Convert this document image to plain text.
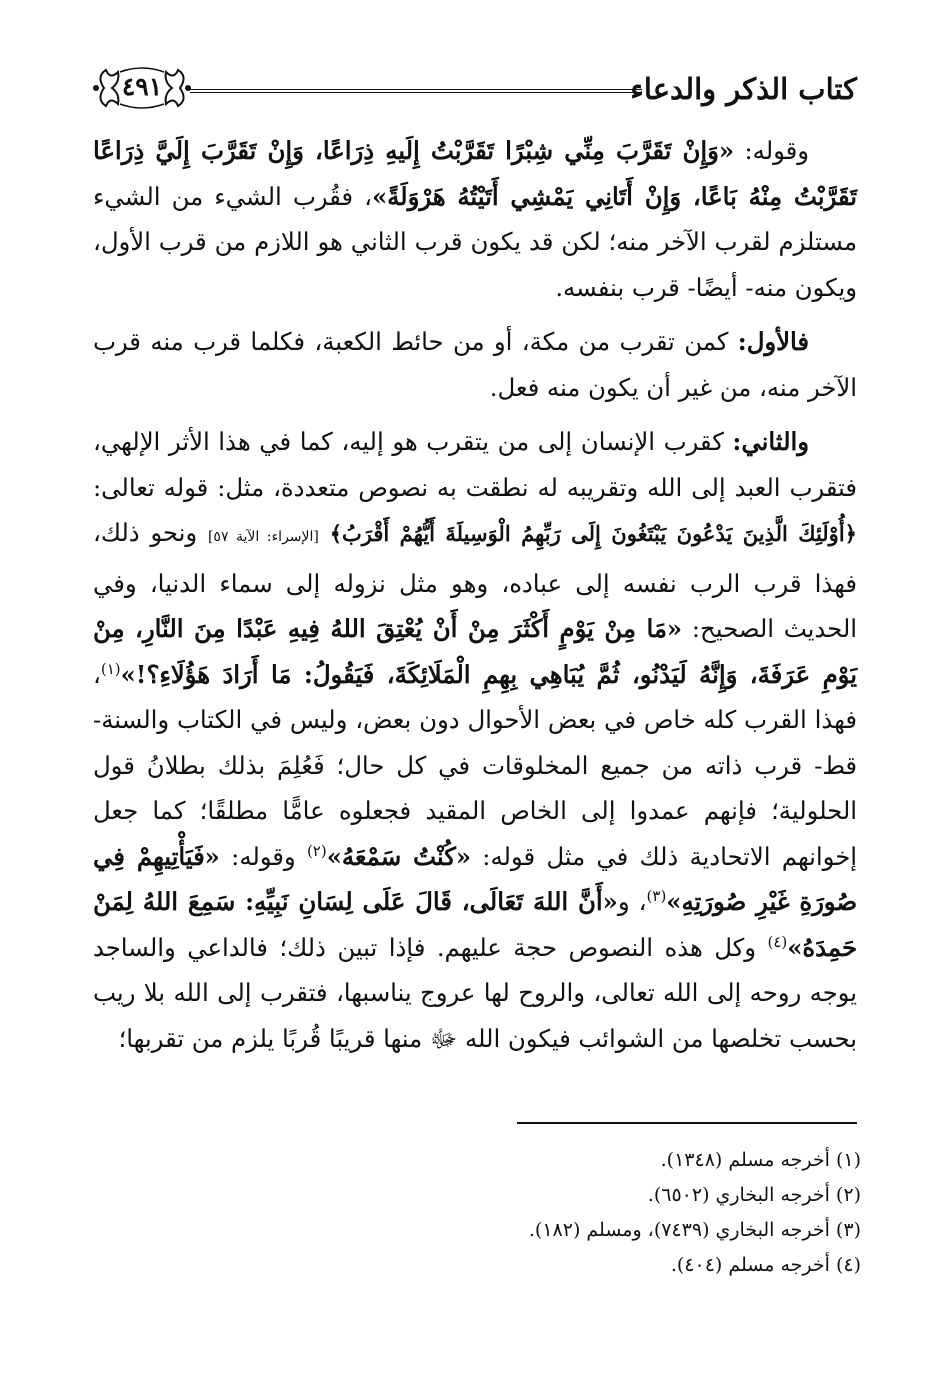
كتاب الذكر والدعاء
٤٩١

وقوله: «وَإِنْ تَقَرَّبَ مِنِّي شِبْرًا تَقَرَّبْتُ إِلَيهِ ذِرَاعًا، وَإِنْ تَقَرَّبَ إِلَيَّ ذِرَاعًا تَقَرَّبْتُ مِنْهُ بَاعًا، وَإِنْ أَتَانِي يَمْشِي أَتَيْتُهُ هَرْوَلَةً»، فقُرب الشيء من الشيء مستلزم لقرب الآخر منه؛ لكن قد يكون قرب الثاني هو اللازم من قرب الأول، ويكون منه- أيضًا- قرب بنفسه.

فالأول: كمن تقرب من مكة، أو من حائط الكعبة، فكلما قرب منه قرب الآخر منه، من غير أن يكون منه فعل.

والثاني: كقرب الإنسان إلى من يتقرب هو إليه، كما في هذا الأثر الإلهي، فتقرب العبد إلى الله وتقريبه له نطقت به نصوص متعددة، مثل: قوله تعالى: ﴿أُوْلَئِكَ الَّذِينَ يَدْعُونَ يَبْتَغُونَ إِلَى رَبِّهِمُ الْوَسِيلَةَ أَيُّهُمْ أَقْرَبُ﴾ [الإسراء: الآية ٥٧] ونحو ذلك، فهذا قرب الرب نفسه إلى عباده، وهو مثل نزوله إلى سماء الدنيا، وفي الحديث الصحيح: «مَا مِنْ يَوْمٍ أَكْثَرَ مِنْ أَنْ يُعْتِقَ اللهُ فِيهِ عَبْدًا مِنَ النَّارِ، مِنْ يَوْمِ عَرَفَةَ، وَإِنَّهُ لَيَدْنُو، ثُمَّ يُبَاهِي بِهِمِ الْمَلَائِكَةَ، فَيَقُولُ: مَا أَرَادَ هَؤُلَاءِ؟!»$^{(١)}$، فهذا القرب كله خاص في بعض الأحوال دون بعض، وليس في الكتاب والسنة- قط- قرب ذاته من جميع المخلوقات في كل حال؛ فَعُلِمَ بذلك بطلانُ قول الحلولية؛ فإنهم عمدوا إلى الخاص المقيد فجعلوه عامًّا مطلقًا؛ كما جعل إخوانهم الاتحادية ذلك في مثل قوله: «كُنْتُ سَمْعَهُ»$^{(٢)}$ وقوله: «فَيَأْتِيهِمْ فِي صُورَةِ غَيْرِ صُورَتِهِ»$^{(٣)}$، و«أَنَّ اللهَ تَعَالَى، قَالَ عَلَى لِسَانِ نَبِيِّهِ: سَمِعَ اللهُ لِمَنْ حَمِدَهُ»$^{(٤)}$ وكل هذه النصوص حجة عليهم. فإذا تبين ذلك؛ فالداعي والساجد يوجه روحه إلى الله تعالى، والروح لها عروج يناسبها، فتقرب إلى الله بلا ريب بحسب تخلصها من الشوائب فيكون الله ﷻ منها قريبًا قُربًا يلزم من تقربها؛

(١) أخرجه مسلم (١٣٤٨).
(٢) أخرجه البخاري (٦٥٠٢).
(٣) أخرجه البخاري (٧٤٣٩)، ومسلم (١٨٢).
(٤) أخرجه مسلم (٤٠٤).
